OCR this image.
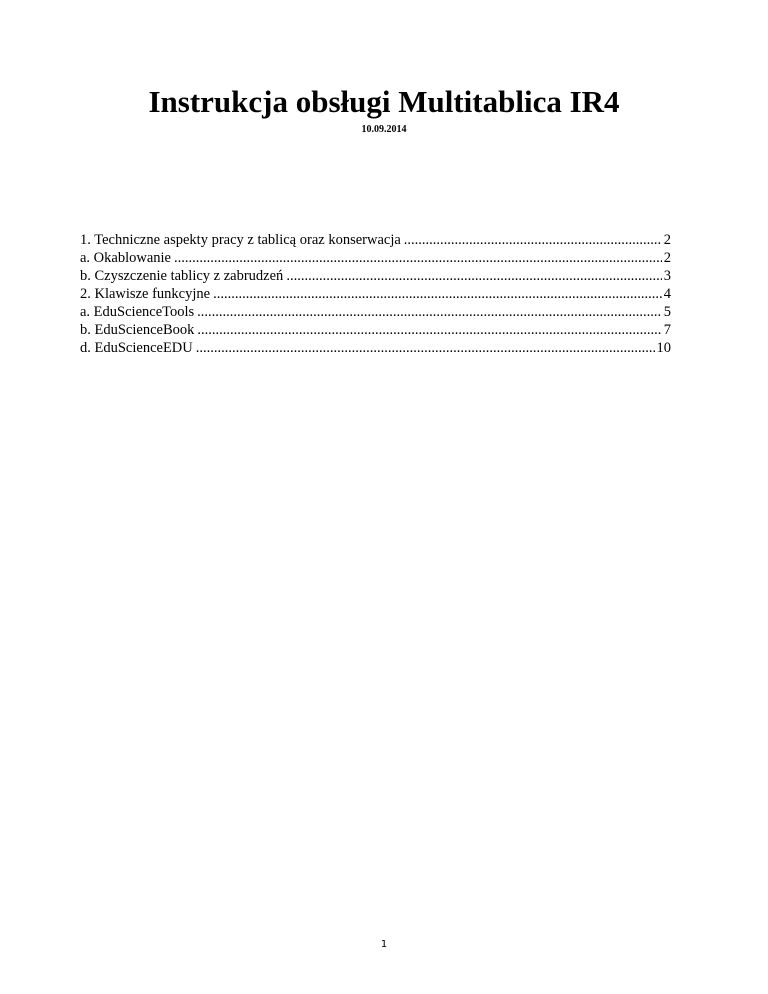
Instrukcja obsługi Multitablica IR4
10.09.2014
1. Techniczne aspekty pracy z tablicą oraz konserwacja .....	2
a. Okablowanie .....	2
b. Czyszczenie tablicy z zabrudzeń .....	3
2. Klawisze funkcyjne .....	4
a. EduScienceTools .....	5
b. EduScienceBook .....	7
d. EduScienceEDU .....	10
1
